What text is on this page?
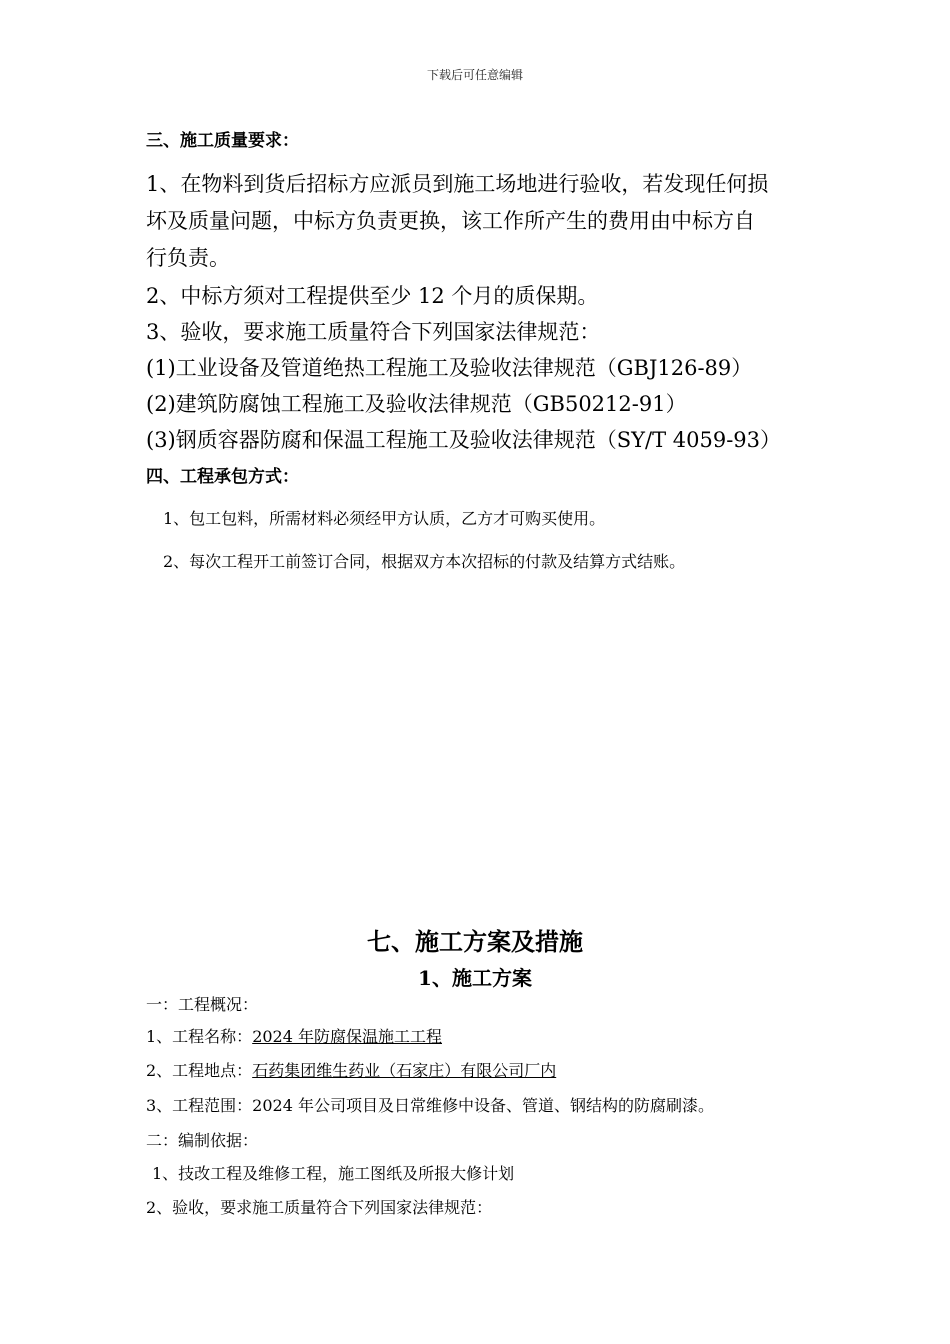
下载后可任意编辑
三、施工质量要求：
1、在物料到货后招标方应派员到施工场地进行验收，若发现任何损
坏及质量问题，中标方负责更换，该工作所产生的费用由中标方自
行负责。
2、中标方须对工程提供至少 12 个月的质保期。
3、验收，要求施工质量符合下列国家法律规范：
(1)工业设备及管道绝热工程施工及验收法律规范（GBJ126-89）
(2)建筑防腐蚀工程施工及验收法律规范（GB50212-91）
(3)钢质容器防腐和保温工程施工及验收法律规范（SY/T 4059-93）
四、工程承包方式：
1、包工包料，所需材料必须经甲方认质，乙方才可购买使用。
2、每次工程开工前签订合同，根据双方本次招标的付款及结算方式结账。
七、施工方案及措施
1、施工方案
一：工程概况：
1、工程名称：2024 年防腐保温施工工程
2、工程地点：石药集团维生药业（石家庄）有限公司厂内
3、工程范围：2024 年公司项目及日常维修中设备、管道、钢结构的防腐刷漆。
二：编制依据：
1、技改工程及维修工程，施工图纸及所报大修计划
2、验收，要求施工质量符合下列国家法律规范：
